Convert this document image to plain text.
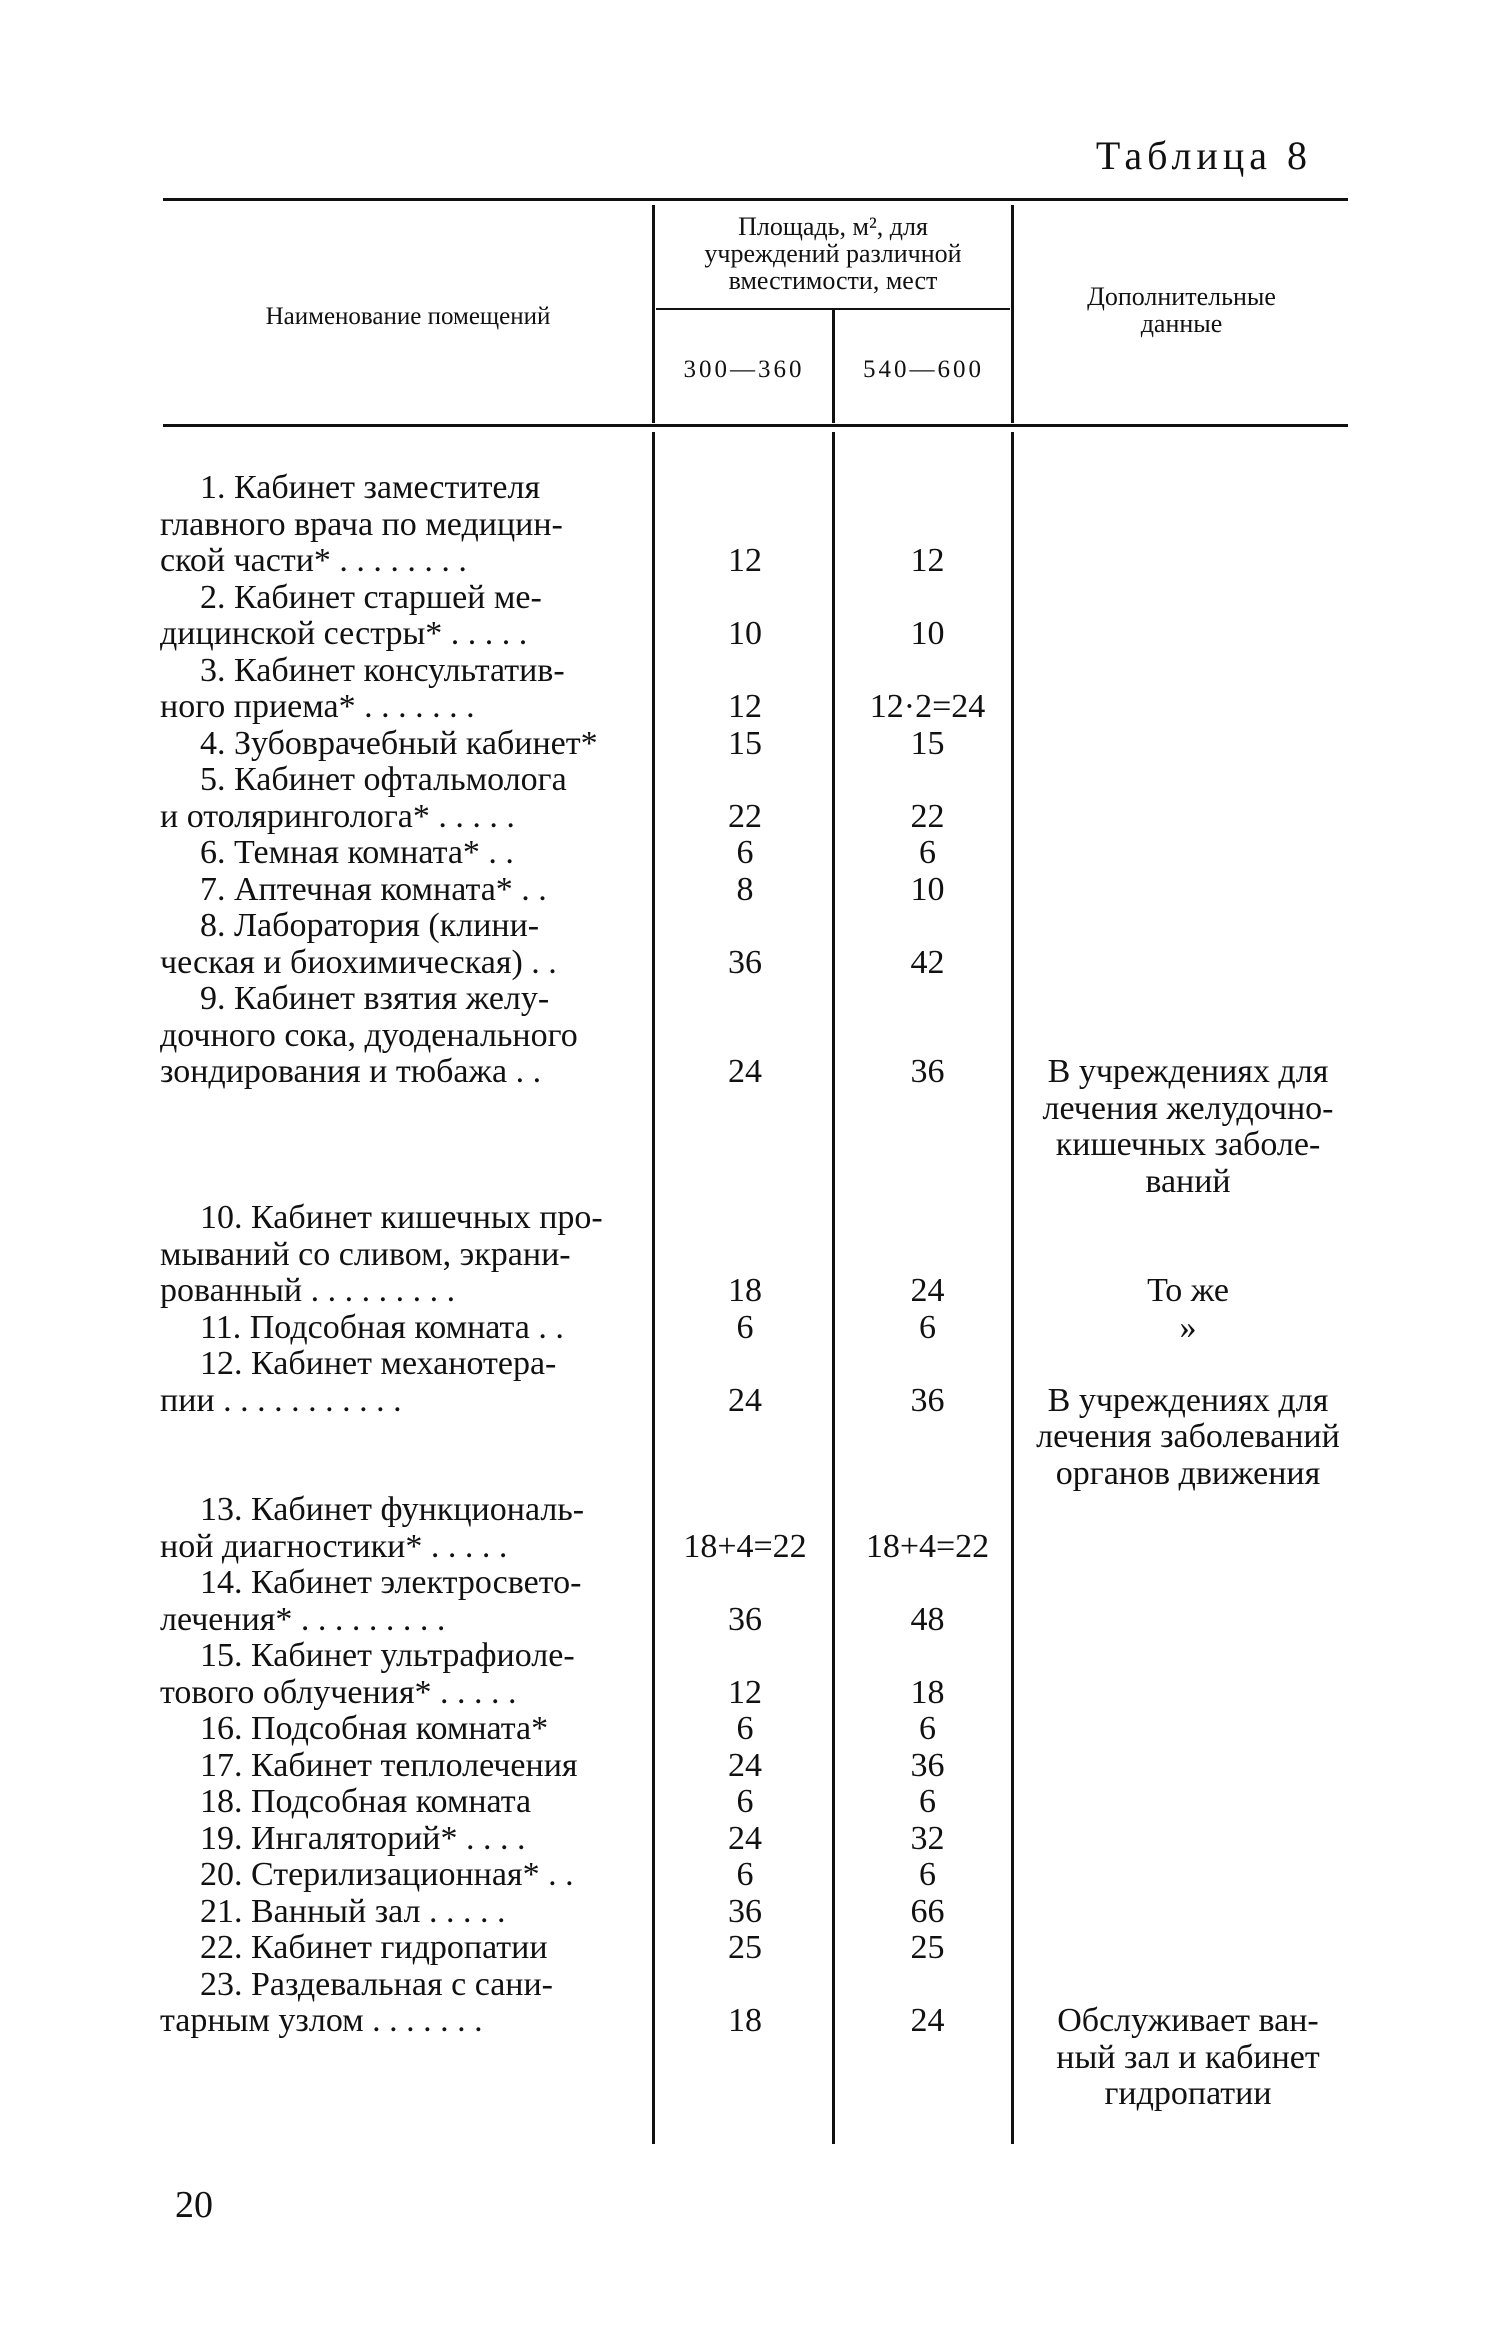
Таблица 8
Наименование помещений
Площадь, м², для
учреждений различной
вместимости, мест
300—360	540—600
Дополнительные
данные
1. Кабинет заместителя
главного врача по медицин-
ской части* . . . . . . . .	12	12
2. Кабинет старшей ме-
дицинской сестры* . . . . .	10	10
3. Кабинет консультатив-
ного приема* . . . . . . .	12	12·2=24
4. Зубоврачебный кабинет*	15	15
5. Кабинет офтальмолога
и отоляринголога* . . . . .	22	22
6. Темная комната* . .	6	6
7. Аптечная комната* . .	8	10
8. Лаборатория (клини-
ческая и биохимическая) . .	36	42
9. Кабинет взятия желу-
дочного сока, дуоденального
зондирования и тюбажа . .	24	36	В учреждениях для
лечения желудочно-
кишечных заболе-
ваний
10. Кабинет кишечных про-
мываний со сливом, экрани-
рованный . . . . . . . . .	18	24	То же
11. Подсобная комната . .	6	6	»
12. Кабинет механотера-
пии . . . . . . . . . . .	24	36	В учреждениях для
лечения заболеваний
органов движения
13. Кабинет функциональ-
ной диагностики* . . . . .	18+4=22	18+4=22
14. Кабинет электросвето-
лечения* . . . . . . . . .	36	48
15. Кабинет ультрафиоле-
тового облучения* . . . . .	12	18
16. Подсобная комната*	6	6
17. Кабинет теплолечения	24	36
18. Подсобная комната	6	6
19. Ингаляторий* . . . .	24	32
20. Стерилизационная* . .	6	6
21. Ванный зал . . . . .	36	66
22. Кабинет гидропатии	25	25
23. Раздевальная с сани-
тарным узлом . . . . . . .	18	24	Обслуживает ван-
ный зал и кабинет
гидропатии
20
